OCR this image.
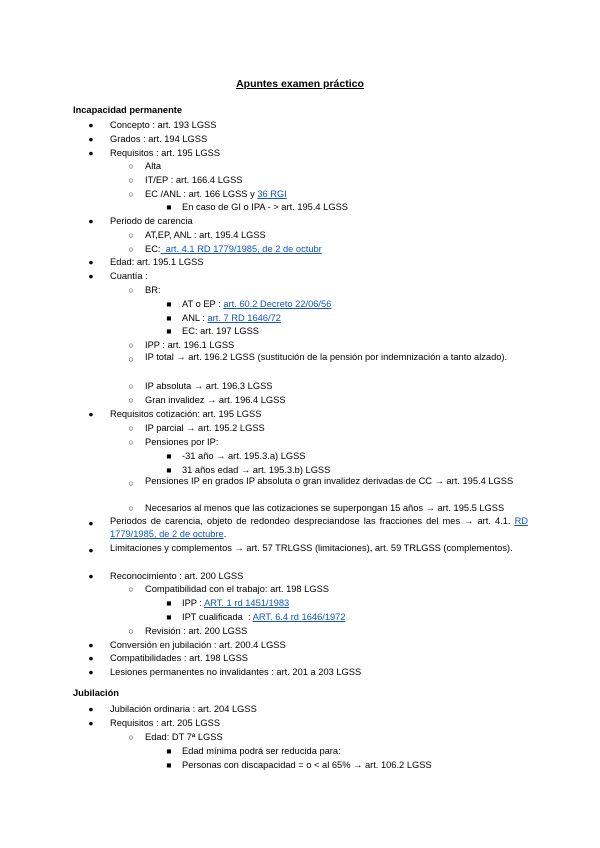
Apuntes examen práctico
Incapacidad permanente
● Concepto : art. 193 LGSS
● Grados : art. 194 LGSS
● Requisitos : art. 195 LGSS
○ Alta
○ IT/EP : art. 166.4 LGSS
○ EC /ANL : art. 166 LGSS y 36 RGI
■ En caso de GI o IPA - > art. 195.4 LGSS
● Periodo de carencia
○ AT,EP, ANL : art. 195.4 LGSS
○ EC:  art. 4.1 RD 1779/1985, de 2 de octubr
● Edad: art. 195.1 LGSS
● Cuantía :
○ BR:
■ AT o EP : art. 60.2 Decreto 22/06/56
■ ANL : art. 7 RD 1646/72
■ EC: art. 197 LGSS
○ IPP : art. 196.1 LGSS
○ IP total → art. 196.2 LGSS (sustitución de la pensión por indemnización a tanto alzado).
○ IP absoluta → art. 196.3 LGSS
○ Gran invalidez → art. 196.4 LGSS
● Requisitos cotización: art. 195 LGSS
○ IP parcial → art. 195.2 LGSS
○ Pensiones por IP:
■ -31 año → art. 195.3.a) LGSS
■ 31 años edad → art. 195.3.b) LGSS
○ Pensiones IP en grados IP absoluta o gran invalidez derivadas de CC → art. 195.4 LGSS
○ Necesarios al menos que las cotizaciones se superpongan 15 años → art. 195.5 LGSS
● Periodos de carencia, objeto de redondeo despreciandose las fracciones del mes → art. 4.1. RD 1779/1985, de 2 de octubre.
● Limitaciones y complementos → art. 57 TRLGSS (limitaciones), art. 59 TRLGSS (complementos).
● Reconocimiento : art. 200 LGSS
○ Compatibilidad con el trabajo: art. 198 LGSS
■ IPP : ART. 1 rd 1451/1983
■ IPT cualificada  : ART. 6.4 rd 1646/1972
○ Revisión : art. 200 LGSS
● Conversión en jubilación : art. 200.4 LGSS
● Compatibilidades : art. 198 LGSS
● Lesiones permanentes no invalidantes : art. 201 a 203 LGSS
Jubilación
● Jubilación ordinaria : art. 204 LGSS
● Requisitos : art. 205 LGSS
○ Edad: DT 7ª LGSS
■ Edad mínima podrá ser reducida para:
■ Personas con discapacidad = o < al 65% → art. 106.2 LGSS
